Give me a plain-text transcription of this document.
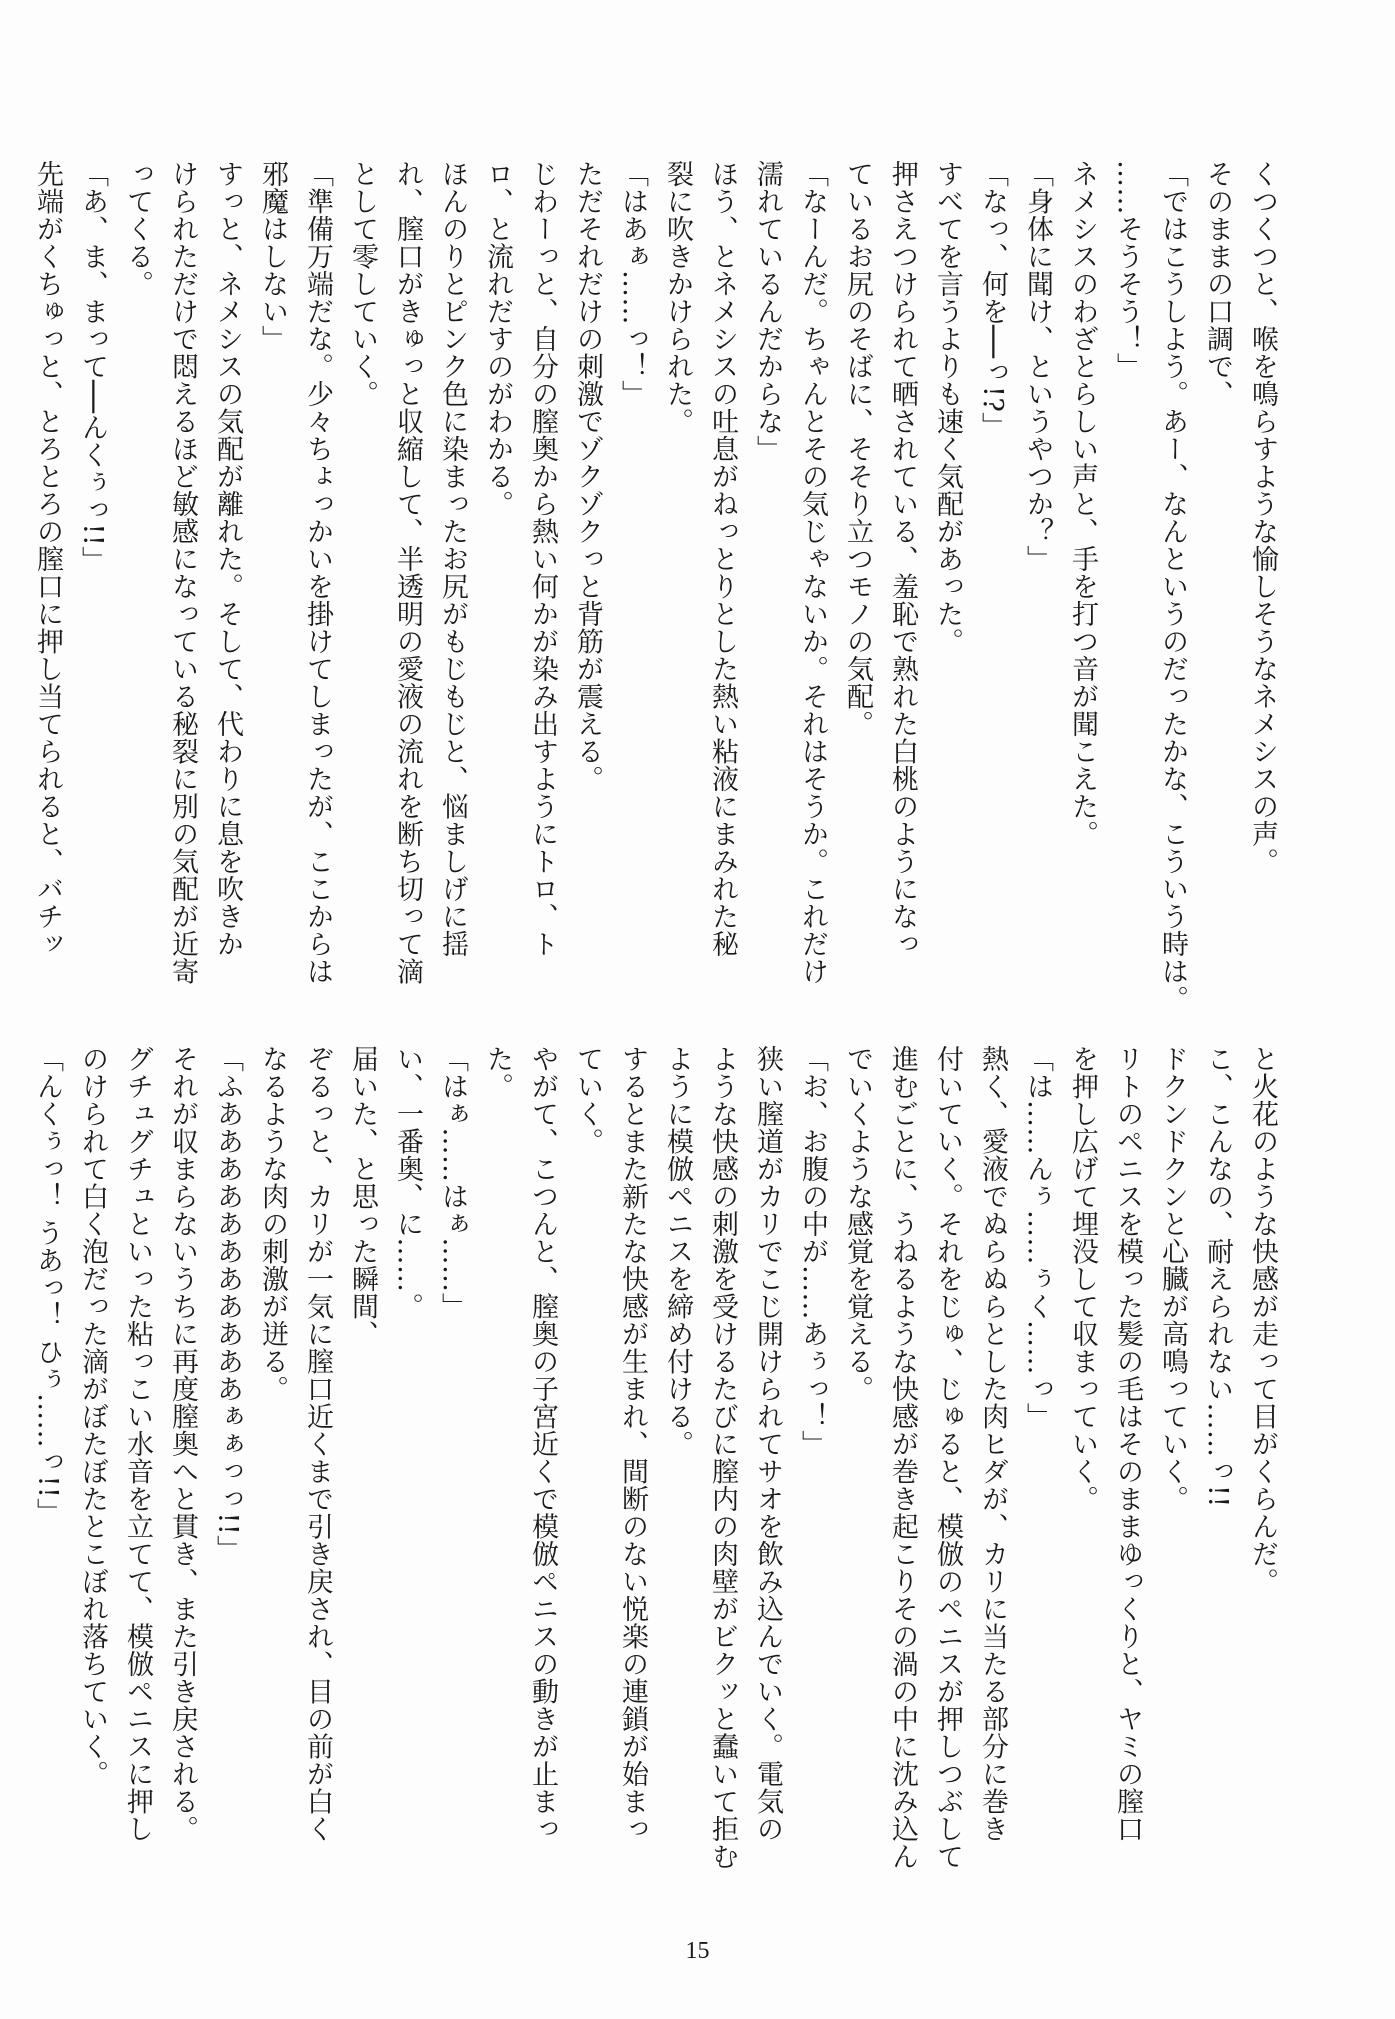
くつくつと、喉を鳴らすような愉しそうなネメシスの声。
そのままの口調で、
「ではこうしよう。あー、なんというのだったかな、こういう時は。
……そうそう！」
ネメシスのわざとらしい声と、手を打つ音が聞こえた。
「身体に聞け、というやつか？」
「なっ、何を──っ!?」
すべてを言うよりも速く気配があった。
押さえつけられて晒されている、羞恥で熟れた白桃のようになっ
ているお尻のそばに、そそり立つモノの気配。
「なーんだ。ちゃんとその気じゃないか。それはそうか。これだけ
濡れているんだからな」
ほう、とネメシスの吐息がねっとりとした熱い粘液にまみれた秘
裂に吹きかけられた。
「はあぁ……っ！」
ただそれだけの刺激でゾクゾクっと背筋が震える。
じわーっと、自分の膣奥から熱い何かが染み出すようにトロ、ト
ロ、と流れだすのがわかる。
ほんのりとピンク色に染まったお尻がもじもじと、悩ましげに揺
れ、膣口がきゅっと収縮して、半透明の愛液の流れを断ち切って滴
として零していく。
「準備万端だな。少々ちょっかいを掛けてしまったが、ここからは
邪魔はしない」
すっと、ネメシスの気配が離れた。そして、代わりに息を吹きか
けられただけで悶えるほど敏感になっている秘裂に別の気配が近寄
ってくる。
「あ、ま、まって──んくぅっ!!」
先端がくちゅっと、とろとろの膣口に押し当てられると、バチッ
と火花のような快感が走って目がくらんだ。
こ、こんなの、耐えられない……っ!!
ドクンドクンと心臓が高鳴っていく。
リトのペニスを模った髪の毛はそのままゆっくりと、ヤミの膣口
を押し広げて埋没して収まっていく。
「は……んぅ……ぅく……っ」
熱く、愛液でぬらぬらとした肉ヒダが、カリに当たる部分に巻き
付いていく。それをじゅ、じゅると、模倣のペニスが押しつぶして
進むごとに、うねるような快感が巻き起こりその渦の中に沈み込ん
でいくような感覚を覚える。
「お、お腹の中が……あぅっ！」
狭い膣道がカリでこじ開けられてサオを飲み込んでいく。電気の
ような快感の刺激を受けるたびに膣内の肉壁がビクッと蠢いて拒む
ように模倣ペニスを締め付ける。
するとまた新たな快感が生まれ、間断のない悦楽の連鎖が始まっ
ていく。
やがて、こつんと、膣奥の子宮近くで模倣ペニスの動きが止まっ
た。
「はぁ……はぁ……」
い、一番奥、に……。
届いた、と思った瞬間、
ぞるっと、カリが一気に膣口近くまで引き戻され、目の前が白く
なるような肉の刺激が迸る。
「ふあああああああああああぁぁっっ!!」
それが収まらないうちに再度膣奥へと貫き、また引き戻される。
グチュグチュといった粘っこい水音を立てて、模倣ペニスに押し
のけられて白く泡だった滴がぼたぼたとこぼれ落ちていく。
「んくぅっ！ うあっ！ ひぅ……っ!!」
15
